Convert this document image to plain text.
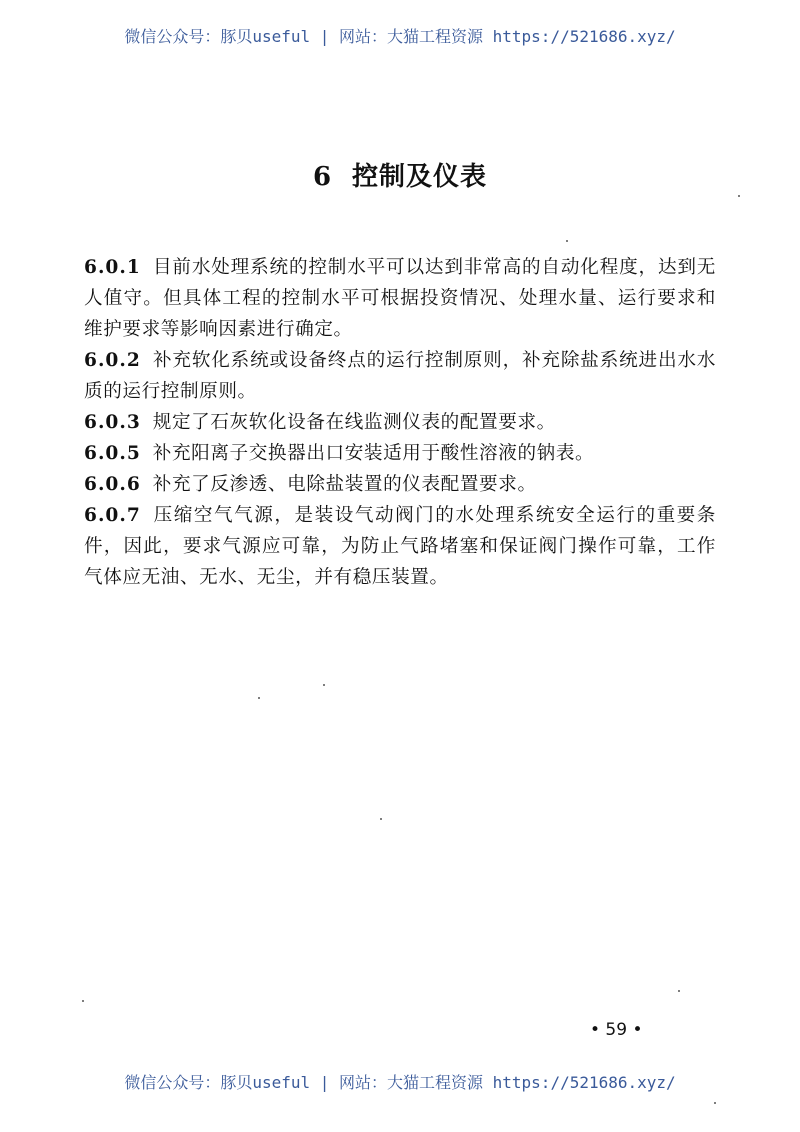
微信公众号：豚贝useful | 网站：大猫工程资源 https://521686.xyz/
6 控制及仪表

6.0.1 目前水处理系统的控制水平可以达到非常高的自动化程度，达到无人值守。但具体工程的控制水平可根据投资情况、处理水量、运行要求和维护要求等影响因素进行确定。

6.0.2 补充软化系统或设备终点的运行控制原则，补充除盐系统进出水水质的运行控制原则。

6.0.3 规定了石灰软化设备在线监测仪表的配置要求。

6.0.5 补充阳离子交换器出口安装适用于酸性溶液的钠表。

6.0.6 补充了反渗透、电除盐装置的仪表配置要求。

6.0.7 压缩空气气源，是装设气动阀门的水处理系统安全运行的重要条件，因此，要求气源应可靠，为防止气路堵塞和保证阀门操作可靠，工作气体应无油、无水、无尘，并有稳压装置。

• 59 •
微信公众号：豚贝useful | 网站：大猫工程资源 https://521686.xyz/
